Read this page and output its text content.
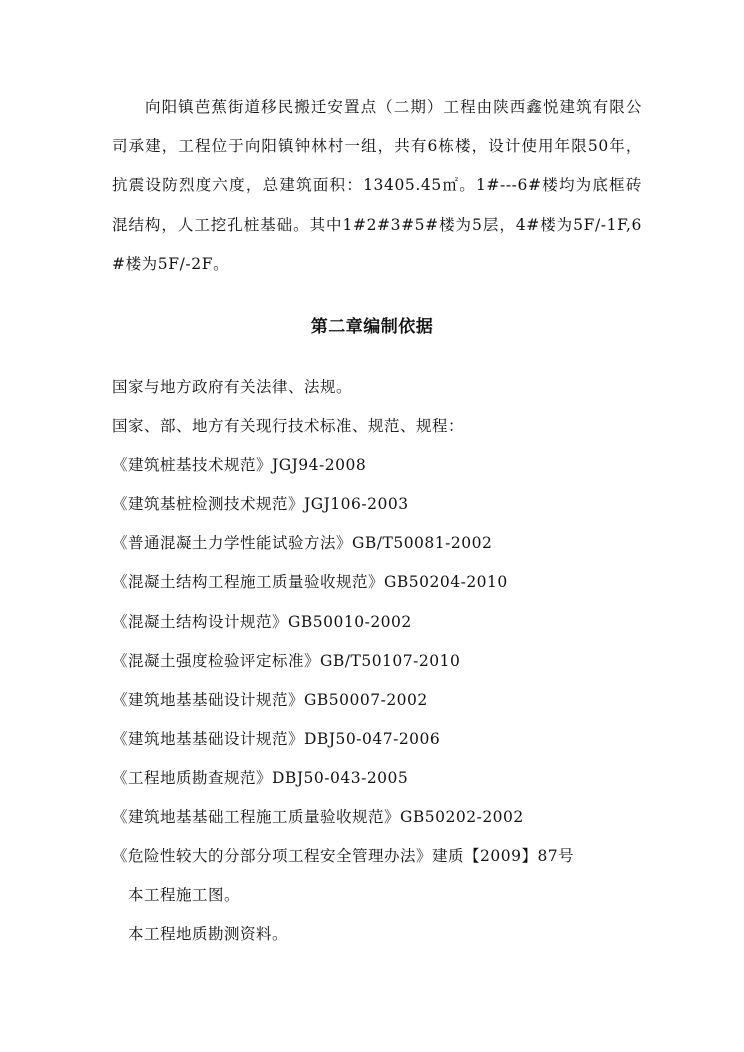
向阳镇芭蕉街道移民搬迁安置点（二期）工程由陕西鑫悦建筑有限公司承建，工程位于向阳镇钟林村一组，共有6栋楼，设计使用年限50年，抗震设防烈度六度，总建筑面积：13405.45㎡。1#---6#楼均为底框砖混结构，人工挖孔桩基础。其中1#2#3#5#楼为5层，4#楼为5F/-1F,6#楼为5F/-2F。

第二章编制依据
国家与地方政府有关法律、法规。
国家、部、地方有关现行技术标准、规范、规程：
《建筑桩基技术规范》JGJ94-2008
《建筑基桩检测技术规范》JGJ106-2003
《普通混凝土力学性能试验方法》GB/T50081-2002
《混凝土结构工程施工质量验收规范》GB50204-2010
《混凝土结构设计规范》GB50010-2002
《混凝土强度检验评定标准》GB/T50107-2010
《建筑地基基础设计规范》GB50007-2002
《建筑地基基础设计规范》DBJ50-047-2006
《工程地质勘查规范》DBJ50-043-2005
《建筑地基基础工程施工质量验收规范》GB50202-2002
《危险性较大的分部分项工程安全管理办法》建质【2009】87号
本工程施工图。
本工程地质勘测资料。
